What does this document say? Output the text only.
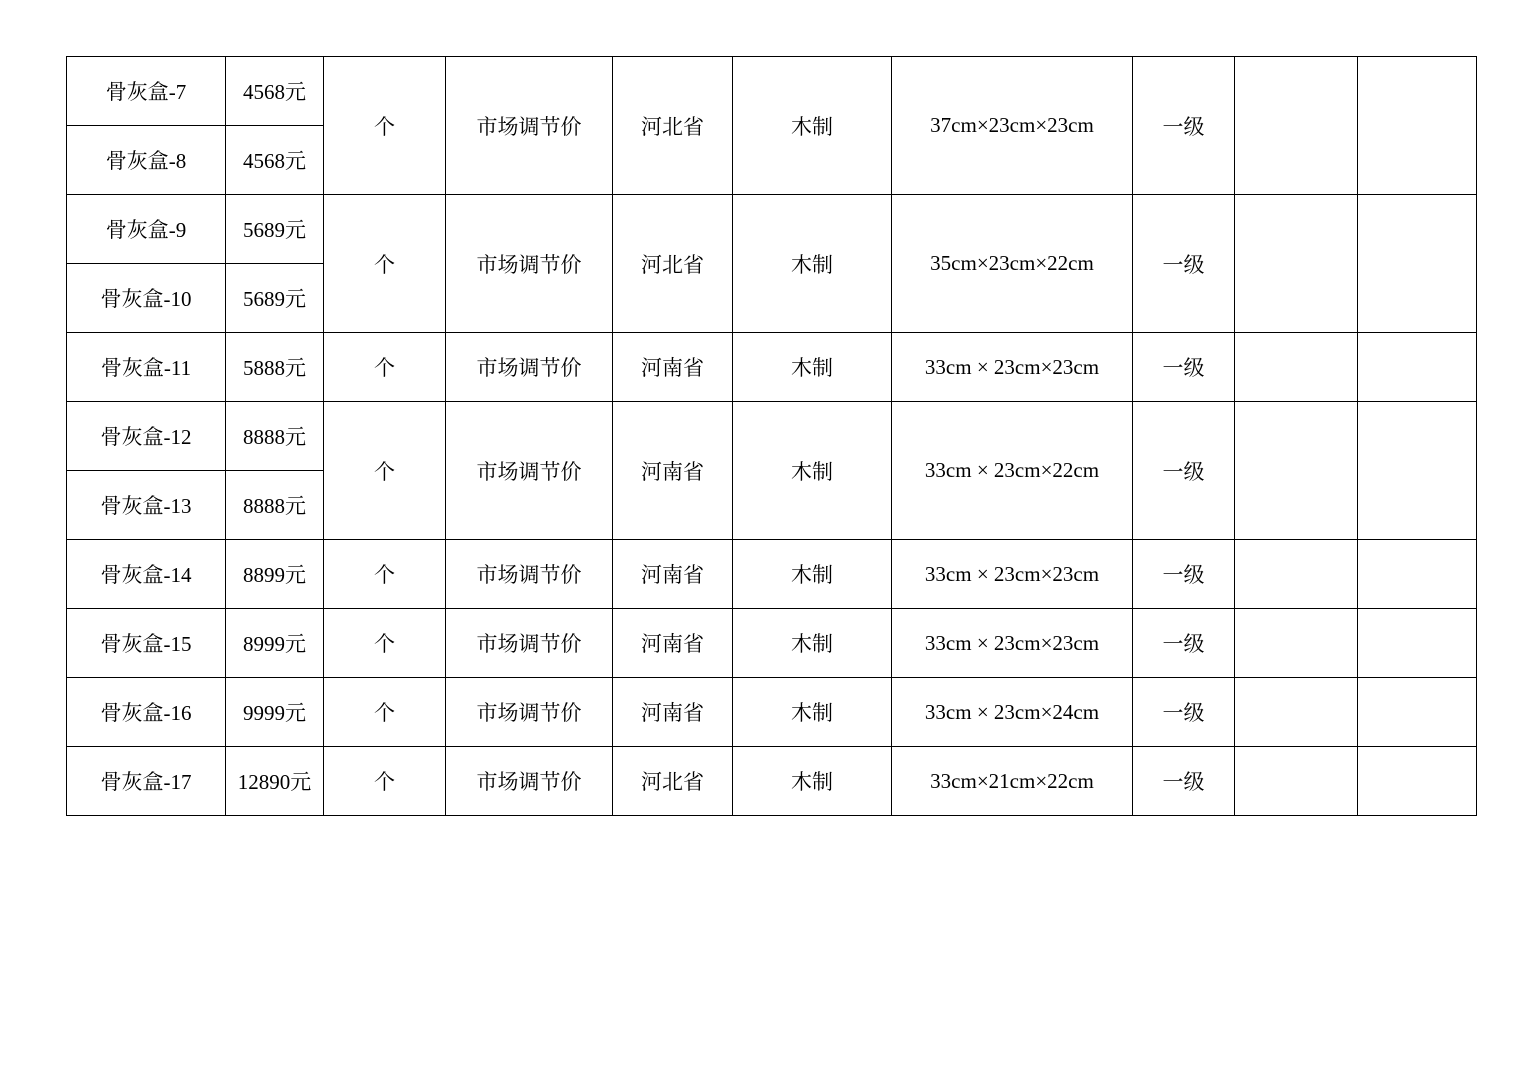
骨灰盒-7	4568元	个	市场调节价	河北省	木制	37cm×23cm×23cm	一级		
骨灰盒-8	4568元								
骨灰盒-9	5689元	个	市场调节价	河北省	木制	35cm×23cm×22cm	一级		
骨灰盒-10	5689元								
骨灰盒-11	5888元	个	市场调节价	河南省	木制	33cm × 23cm×23cm	一级		
骨灰盒-12	8888元	个	市场调节价	河南省	木制	33cm × 23cm×22cm	一级		
骨灰盒-13	8888元								
骨灰盒-14	8899元	个	市场调节价	河南省	木制	33cm × 23cm×23cm	一级		
骨灰盒-15	8999元	个	市场调节价	河南省	木制	33cm × 23cm×23cm	一级		
骨灰盒-16	9999元	个	市场调节价	河南省	木制	33cm × 23cm×24cm	一级		
骨灰盒-17	12890元	个	市场调节价	河北省	木制	33cm×21cm×22cm	一级		
